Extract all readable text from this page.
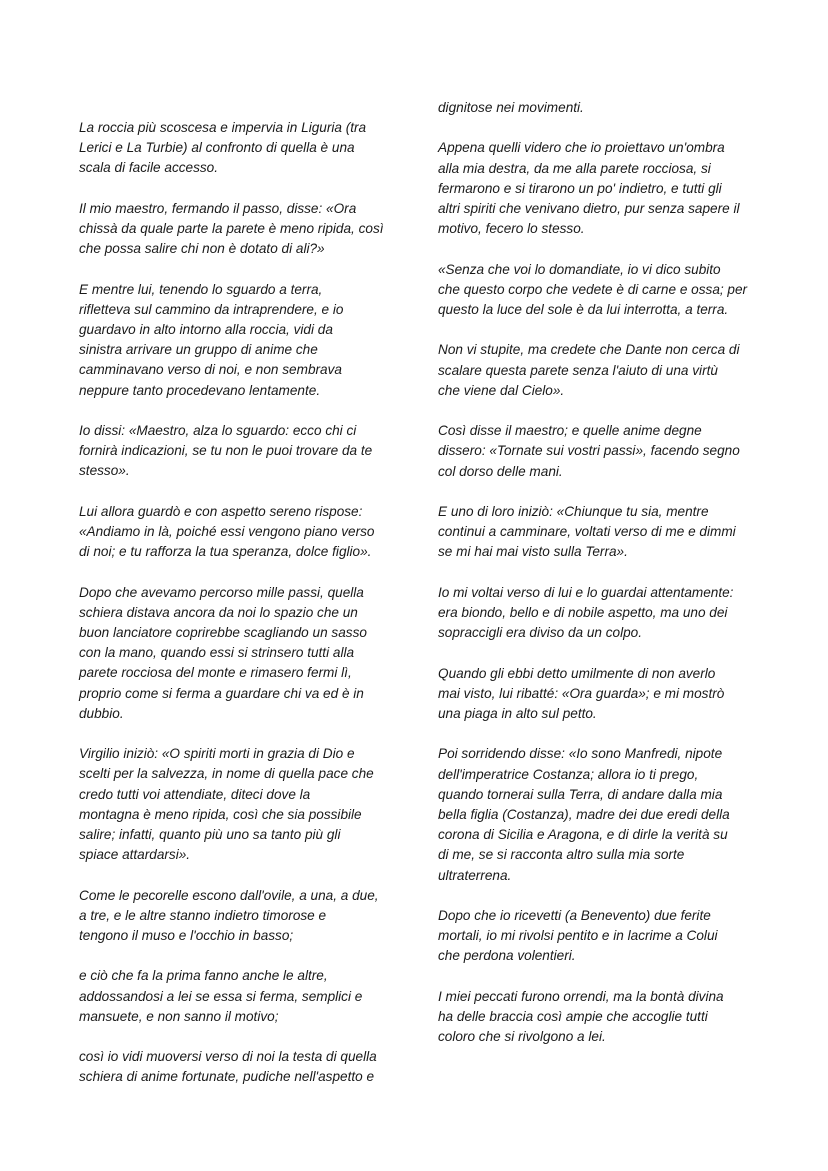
La roccia più scoscesa e impervia in Liguria (tra
Lerici e La Turbie) al confronto di quella è una
scala di facile accesso.

Il mio maestro, fermando il passo, disse: «Ora
chissà da quale parte la parete è meno ripida, così
che possa salire chi non è dotato di ali?»

E mentre lui, tenendo lo sguardo a terra,
rifletteva sul cammino da intraprendere, e io
guardavo in alto intorno alla roccia, vidi da
sinistra arrivare un gruppo di anime che
camminavano verso di noi, e non sembrava
neppure tanto procedevano lentamente.

Io dissi: «Maestro, alza lo sguardo: ecco chi ci
fornirà indicazioni, se tu non le puoi trovare da te
stesso».

Lui allora guardò e con aspetto sereno rispose:
«Andiamo in là, poiché essi vengono piano verso
di noi; e tu rafforza la tua speranza, dolce figlio».

Dopo che avevamo percorso mille passi, quella
schiera distava ancora da noi lo spazio che un
buon lanciatore coprirebbe scagliando un sasso
con la mano, quando essi si strinsero tutti alla
parete rocciosa del monte e rimasero fermi lì,
proprio come si ferma a guardare chi va ed è in
dubbio.

Virgilio iniziò: «O spiriti morti in grazia di Dio e
scelti per la salvezza, in nome di quella pace che
credo tutti voi attendiate, diteci dove la
montagna è meno ripida, così che sia possibile
salire; infatti, quanto più uno sa tanto più gli
spiace attardarsi».

Come le pecorelle escono dall'ovile, a una, a due,
a tre, e le altre stanno indietro timorose e
tengono il muso e l'occhio in basso;

e ciò che fa la prima fanno anche le altre,
addossandosi a lei se essa si ferma, semplici e
mansuete, e non sanno il motivo;

così io vidi muoversi verso di noi la testa di quella
schiera di anime fortunate, pudiche nell'aspetto e

dignitose nei movimenti.

Appena quelli videro che io proiettavo un'ombra
alla mia destra, da me alla parete rocciosa, si
fermarono e si tirarono un po' indietro, e tutti gli
altri spiriti che venivano dietro, pur senza sapere il
motivo, fecero lo stesso.

«Senza che voi lo domandiate, io vi dico subito
che questo corpo che vedete è di carne e ossa; per
questo la luce del sole è da lui interrotta, a terra.

Non vi stupite, ma credete che Dante non cerca di
scalare questa parete senza l'aiuto di una virtù
che viene dal Cielo».

Così disse il maestro; e quelle anime degne
dissero: «Tornate sui vostri passi», facendo segno
col dorso delle mani.

E uno di loro iniziò: «Chiunque tu sia, mentre
continui a camminare, voltati verso di me e dimmi
se mi hai mai visto sulla Terra».

Io mi voltai verso di lui e lo guardai attentamente:
era biondo, bello e di nobile aspetto, ma uno dei
sopraccigli era diviso da un colpo.

Quando gli ebbi detto umilmente di non averlo
mai visto, lui ribatté: «Ora guarda»; e mi mostrò
una piaga in alto sul petto.

Poi sorridendo disse: «Io sono Manfredi, nipote
dell'imperatrice Costanza; allora io ti prego,
quando tornerai sulla Terra, di andare dalla mia
bella figlia (Costanza), madre dei due eredi della
corona di Sicilia e Aragona, e di dirle la verità su
di me, se si racconta altro sulla mia sorte
ultraterrena.

Dopo che io ricevetti (a Benevento) due ferite
mortali, io mi rivolsi pentito e in lacrime a Colui
che perdona volentieri.

I miei peccati furono orrendi, ma la bontà divina
ha delle braccia così ampie che accoglie tutti
coloro che si rivolgono a lei.
